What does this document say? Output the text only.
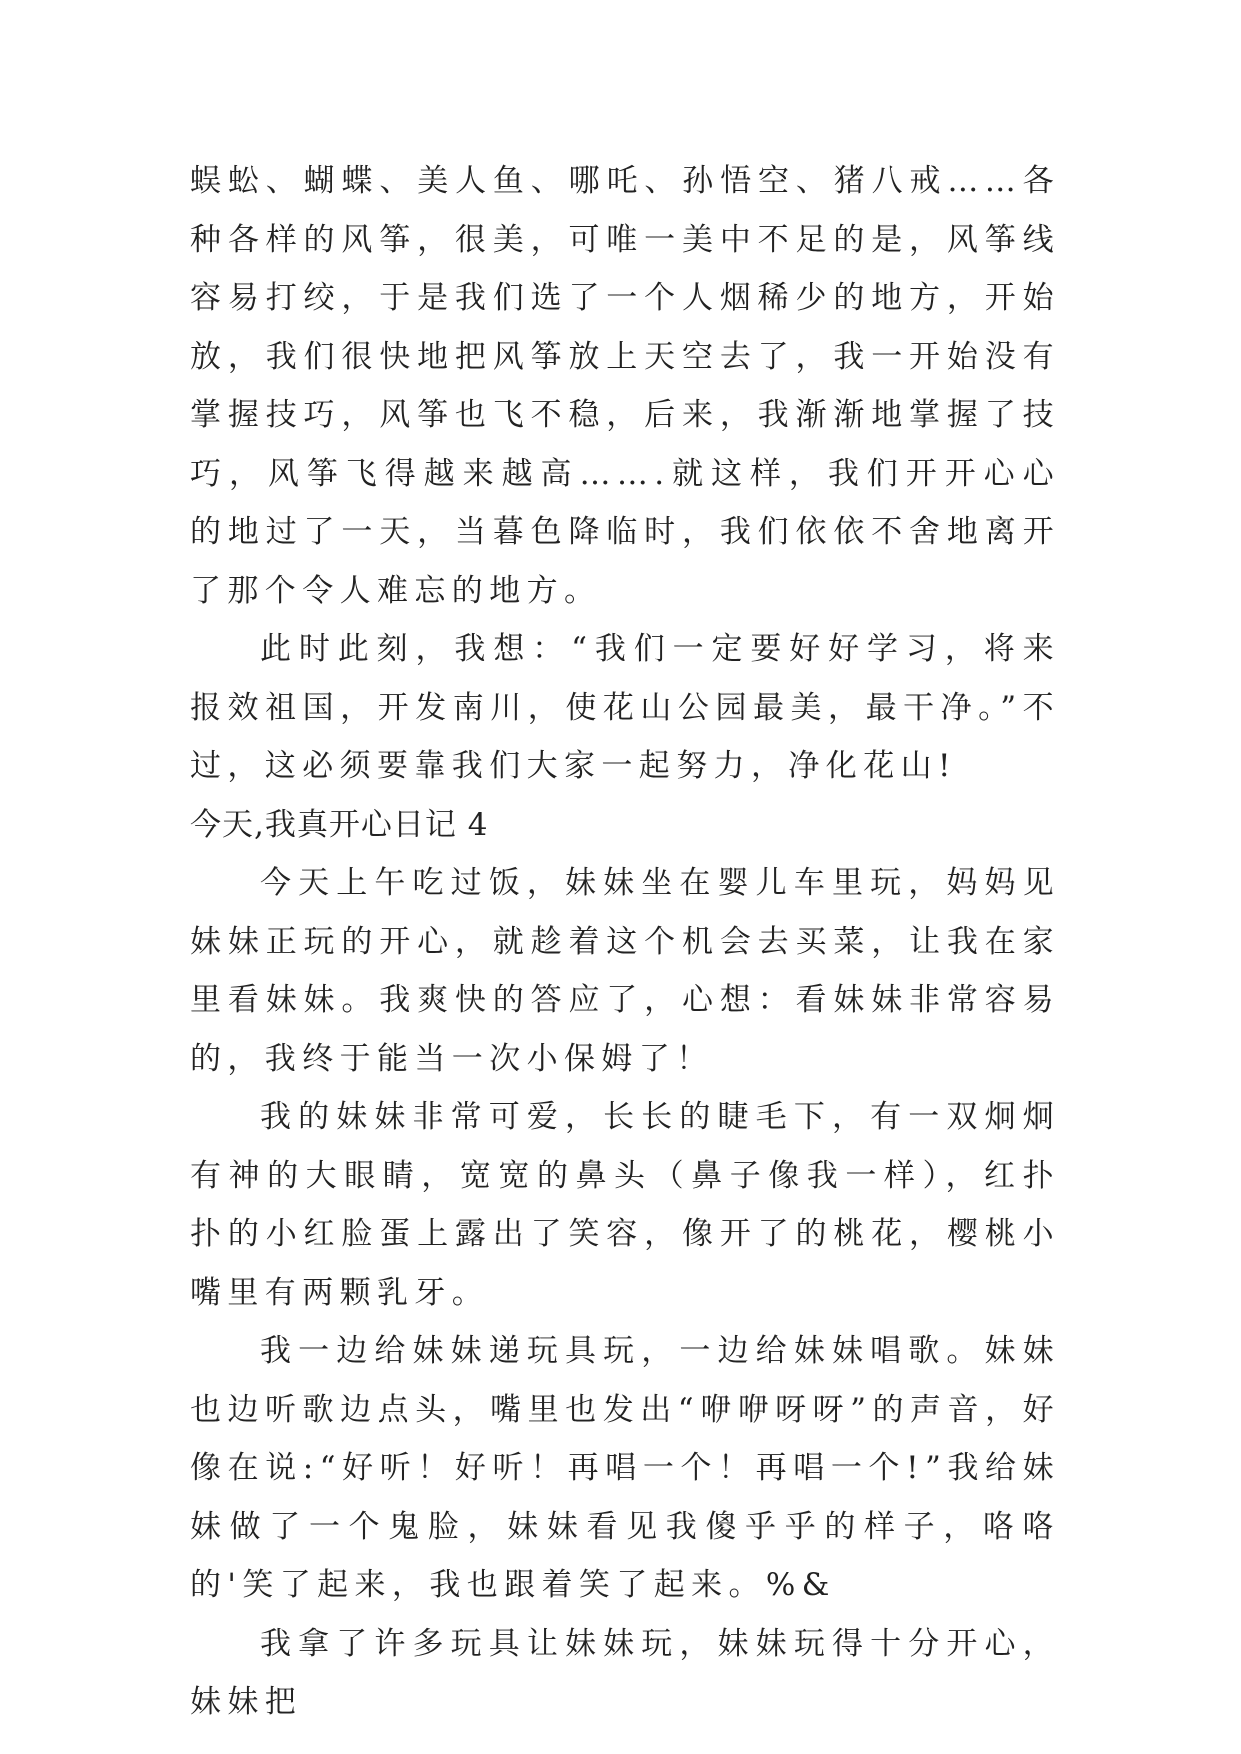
蜈蚣、蝴蝶、美人鱼、哪吒、孙悟空、猪八戒……各种各样的风筝，很美，可唯一美中不足的是，风筝线容易打绞，于是我们选了一个人烟稀少的地方，开始放，我们很快地把风筝放上天空去了，我一开始没有掌握技巧，风筝也飞不稳，后来，我渐渐地掌握了技巧，风筝飞得越来越高…….就这样，我们开开心心的地过了一天，当暮色降临时，我们依依不舍地离开了那个令人难忘的地方。

此时此刻，我想：“我们一定要好好学习，将来报效祖国，开发南川，使花山公园最美，最干净。”不过，这必须要靠我们大家一起努力，净化花山!

今天,我真开心日记 4

今天上午吃过饭，妹妹坐在婴儿车里玩，妈妈见妹妹正玩的开心，就趁着这个机会去买菜，让我在家里看妹妹。我爽快的答应了，心想：看妹妹非常容易的，我终于能当一次小保姆了！

我的妹妹非常可爱，长长的睫毛下，有一双炯炯有神的大眼睛，宽宽的鼻头（鼻子像我一样），红扑扑的小红脸蛋上露出了笑容，像开了的桃花，樱桃小嘴里有两颗乳牙。

我一边给妹妹递玩具玩，一边给妹妹唱歌。妹妹也边听歌边点头，嘴里也发出“咿咿呀呀”的声音，好像在说:“好听！好听！再唱一个！再唱一个!”我给妹妹做了一个鬼脸，妹妹看见我傻乎乎的样子，咯咯的'笑了起来，我也跟着笑了起来。%&

我拿了许多玩具让妹妹玩，妹妹玩得十分开心，妹妹把
